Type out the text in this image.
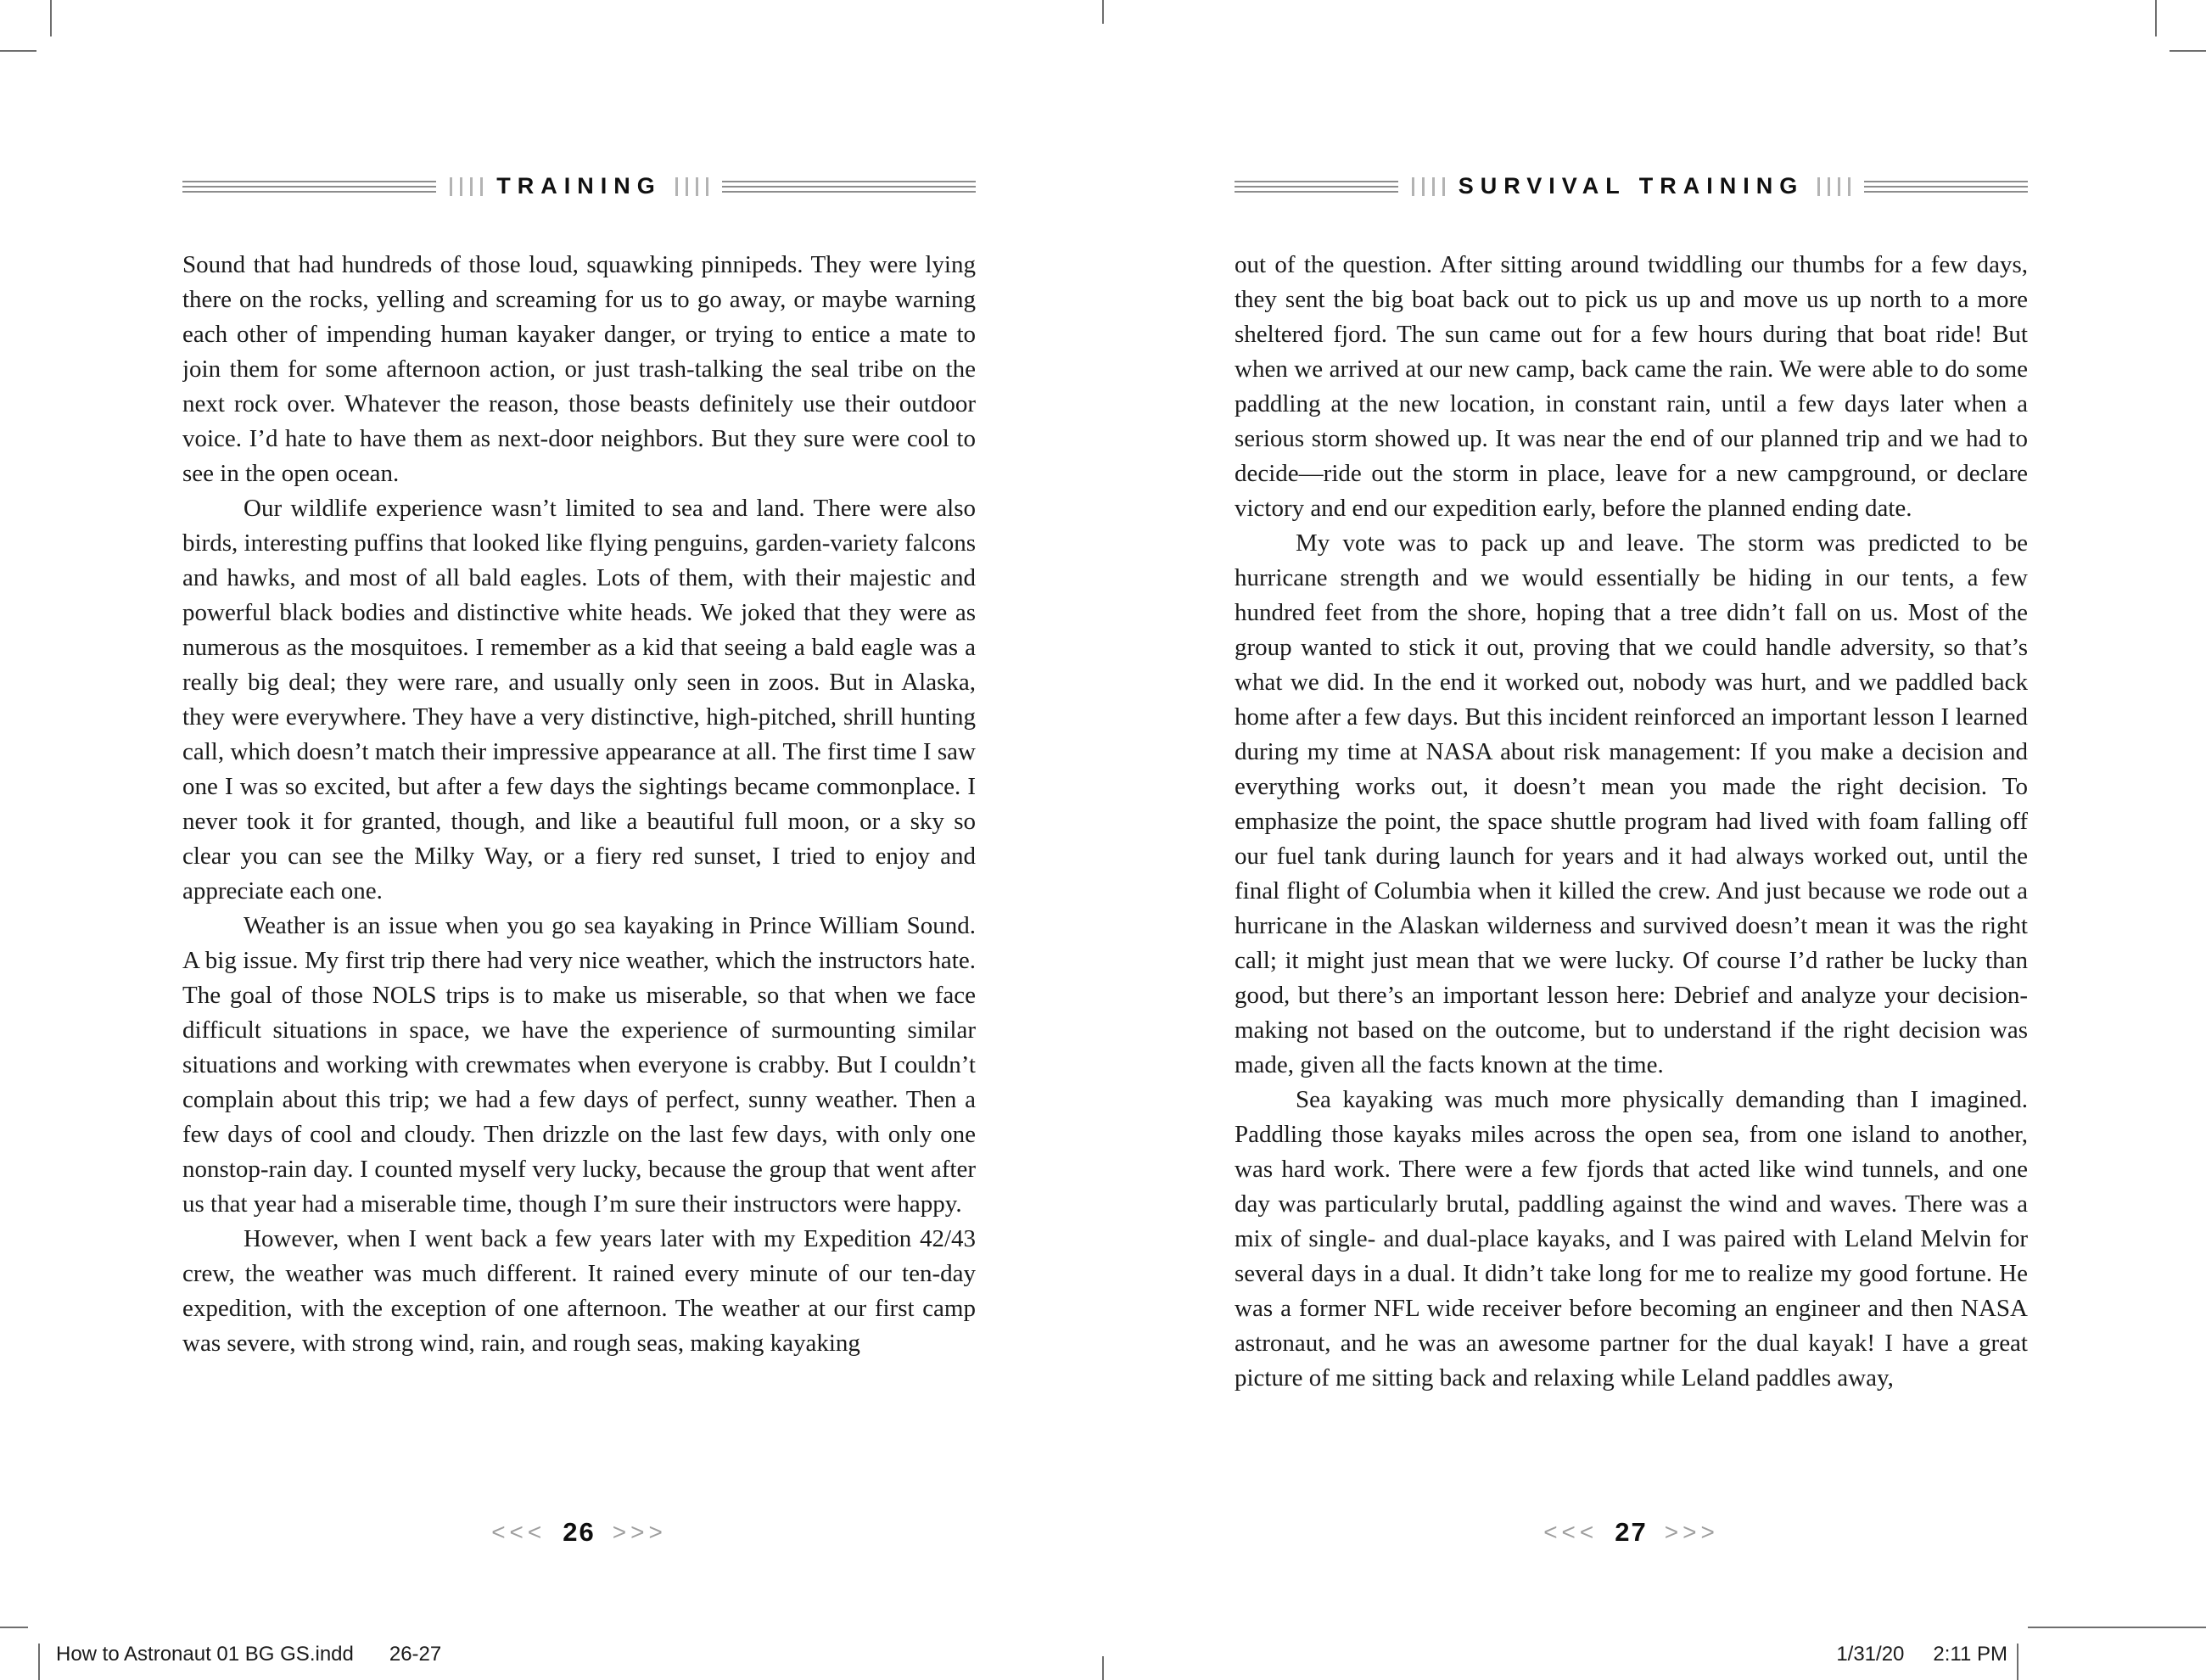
TRAINING

Sound that had hundreds of those loud, squawking pinnipeds. They were lying there on the rocks, yelling and screaming for us to go away, or maybe warning each other of impending human kayaker danger, or trying to entice a mate to join them for some afternoon action, or just trash-talking the seal tribe on the next rock over. Whatever the reason, those beasts definitely use their outdoor voice. I’d hate to have them as next-door neighbors. But they sure were cool to see in the open ocean.

Our wildlife experience wasn’t limited to sea and land. There were also birds, interesting puffins that looked like flying penguins, garden-variety falcons and hawks, and most of all bald eagles. Lots of them, with their majestic and powerful black bodies and distinctive white heads. We joked that they were as numerous as the mosquitoes. I remember as a kid that seeing a bald eagle was a really big deal; they were rare, and usually only seen in zoos. But in Alaska, they were everywhere. They have a very distinctive, high-pitched, shrill hunting call, which doesn’t match their impressive appearance at all. The first time I saw one I was so excited, but after a few days the sightings became commonplace. I never took it for granted, though, and like a beautiful full moon, or a sky so clear you can see the Milky Way, or a fiery red sunset, I tried to enjoy and appreciate each one.

Weather is an issue when you go sea kayaking in Prince William Sound. A big issue. My first trip there had very nice weather, which the instructors hate. The goal of those NOLS trips is to make us miserable, so that when we face difficult situations in space, we have the experience of surmounting similar situations and working with crewmates when everyone is crabby. But I couldn’t complain about this trip; we had a few days of perfect, sunny weather. Then a few days of cool and cloudy. Then drizzle on the last few days, with only one nonstop-rain day. I counted myself very lucky, because the group that went after us that year had a miserable time, though I’m sure their instructors were happy.

However, when I went back a few years later with my Expedition 42/43 crew, the weather was much different. It rained every minute of our ten-day expedition, with the exception of one afternoon. The weather at our first camp was severe, with strong wind, rain, and rough seas, making kayaking

<<< 26 >>>
SURVIVAL TRAINING

out of the question. After sitting around twiddling our thumbs for a few days, they sent the big boat back out to pick us up and move us up north to a more sheltered fjord. The sun came out for a few hours during that boat ride! But when we arrived at our new camp, back came the rain. We were able to do some paddling at the new location, in constant rain, until a few days later when a serious storm showed up. It was near the end of our planned trip and we had to decide—ride out the storm in place, leave for a new campground, or declare victory and end our expedition early, before the planned ending date.

My vote was to pack up and leave. The storm was predicted to be hurricane strength and we would essentially be hiding in our tents, a few hundred feet from the shore, hoping that a tree didn’t fall on us. Most of the group wanted to stick it out, proving that we could handle adversity, so that’s what we did. In the end it worked out, nobody was hurt, and we paddled back home after a few days. But this incident reinforced an important lesson I learned during my time at NASA about risk management: If you make a decision and everything works out, it doesn’t mean you made the right decision. To emphasize the point, the space shuttle program had lived with foam falling off our fuel tank during launch for years and it had always worked out, until the final flight of Columbia when it killed the crew. And just because we rode out a hurricane in the Alaskan wilderness and survived doesn’t mean it was the right call; it might just mean that we were lucky. Of course I’d rather be lucky than good, but there’s an important lesson here: Debrief and analyze your decision-making not based on the outcome, but to understand if the right decision was made, given all the facts known at the time.

Sea kayaking was much more physically demanding than I imagined. Paddling those kayaks miles across the open sea, from one island to another, was hard work. There were a few fjords that acted like wind tunnels, and one day was particularly brutal, paddling against the wind and waves. There was a mix of single- and dual-place kayaks, and I was paired with Leland Melvin for several days in a dual. It didn’t take long for me to realize my good fortune. He was a former NFL wide receiver before becoming an engineer and then NASA astronaut, and he was an awesome partner for the dual kayak! I have a great picture of me sitting back and relaxing while Leland paddles away,

<<< 27 >>>
How to Astronaut 01 BG GS.indd 26-27	1/31/20 2:11 PM
